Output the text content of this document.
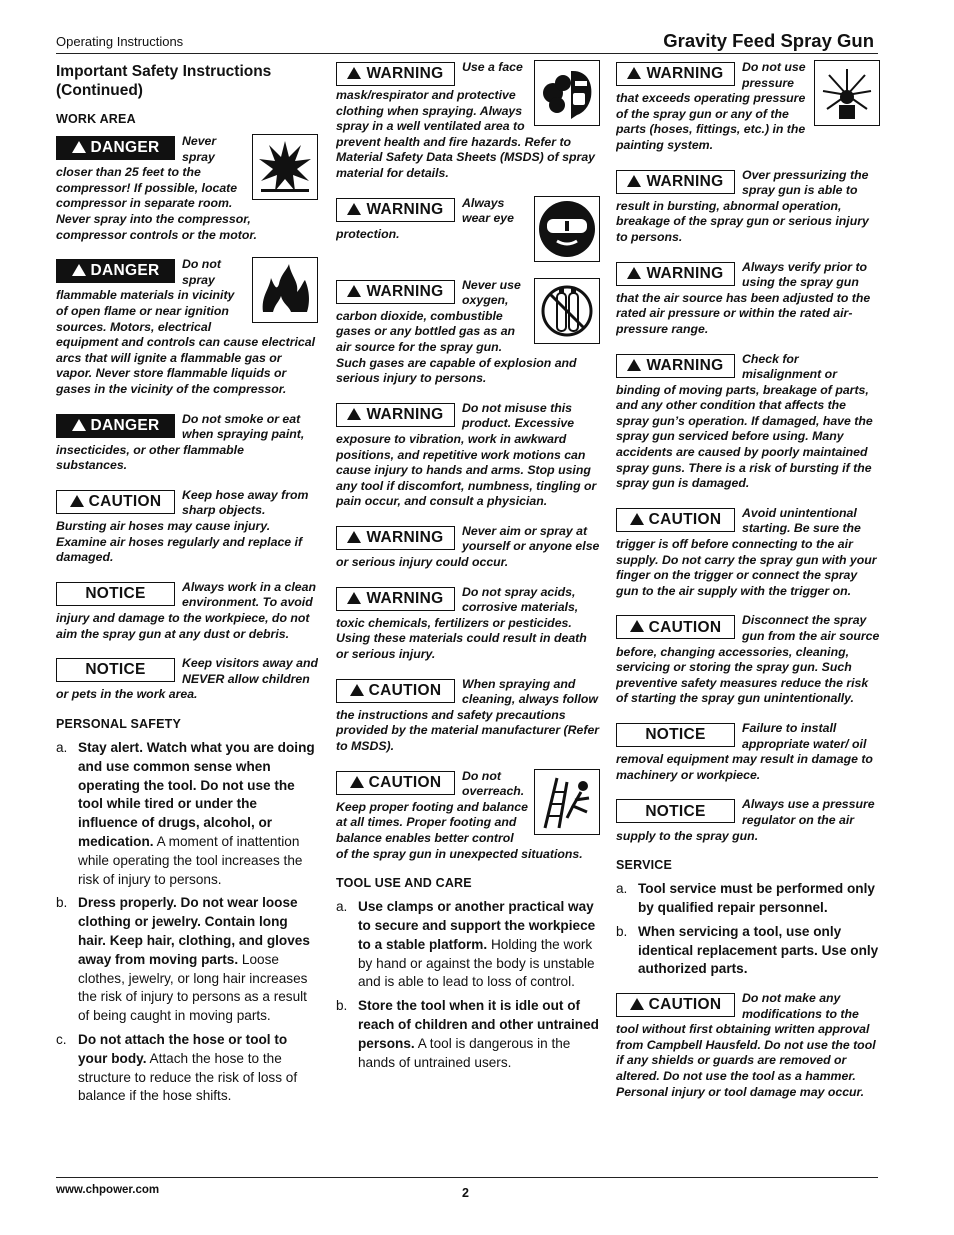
Operating Instructions	Gravity Feed Spray Gun
Important Safety Instructions (Continued)
WORK AREA
DANGER Never spray closer than 25 feet to the compressor! If possible, locate compressor in separate room. Never spray into the compressor, compressor controls or the motor.
DANGER Do not spray flammable materials in vicinity of open flame or near ignition sources. Motors, electrical equipment and controls can cause electrical arcs that will ignite a flammable gas or vapor. Never store flammable liquids or gases in the vicinity of the compressor.
DANGER Do not smoke or eat when spraying paint, insecticides, or other flammable substances.
CAUTION Keep hose away from sharp objects. Bursting air hoses may cause injury. Examine air hoses regularly and replace if damaged.
NOTICE	Always work in a clean environment. To avoid injury and damage to the workpiece, do not aim the spray gun at any dust or debris.
NOTICE	Keep visitors away and NEVER allow children or pets in the work area.
PERSONAL SAFETY
a. Stay alert. Watch what you are doing and use common sense when operating the tool. Do not use the tool while tired or under the influence of drugs, alcohol, or medication. A moment of inattention while operating the tool increases the risk of injury to persons.
b. Dress properly. Do not wear loose clothing or jewelry. Contain long hair. Keep hair, clothing, and gloves away from moving parts. Loose clothes, jewelry, or long hair increases the risk of injury to persons as a result of being caught in moving parts.
c. Do not attach the hose or tool to your body. Attach the hose to the structure to reduce the risk of loss of balance if the hose shifts.
WARNING Use a face mask/respirator and protective clothing when spraying. Always spray in a well ventilated area to prevent health and fire hazards. Refer to Material Safety Data Sheets (MSDS) of spray material for details.
WARNING Always wear eye protection.
WARNING Never use oxygen, carbon dioxide, combustible gases or any bottled gas as an air source for the spray gun. Such gases are capable of explosion and serious injury to persons.
WARNING Do not misuse this product. Excessive exposure to vibration, work in awkward positions, and repetitive work motions can cause injury to hands and arms. Stop using any tool if discomfort, numbness, tingling or pain occur, and consult a physician.
WARNING Never aim or spray at yourself or anyone else or serious injury could occur.
WARNING Do not spray acids, corrosive materials, toxic chemicals, fertilizers or pesticides. Using these materials could result in death or serious injury.
CAUTION When spraying and cleaning, always follow the instructions and safety precautions provided by the material manufacturer (Refer to MSDS).
CAUTION Do not overreach. Keep proper footing and balance at all times. Proper footing and balance enables better control of the spray gun in unexpected situations.
TOOL USE AND CARE
a. Use clamps or another practical way to secure and support the workpiece to a stable platform. Holding the work by hand or against the body is unstable and is able to lead to loss of control.
b. Store the tool when it is idle out of reach of children and other untrained persons. A tool is dangerous in the hands of untrained users.
WARNING Do not use pressure that exceeds operating pressure of the spray gun or any of the parts (hoses, fittings, etc.) in the painting system.
WARNING Over pressurizing the spray gun is able to result in bursting, abnormal operation, breakage of the spray gun or serious injury to persons.
WARNING Always verify prior to using the spray gun that the air source has been adjusted to the rated air pressure or within the rated air-pressure range.
WARNING Check for misalignment or binding of moving parts, breakage of parts, and any other condition that affects the spray gun’s operation. If damaged, have the spray gun serviced before using. Many accidents are caused by poorly maintained spray guns. There is a risk of bursting if the spray gun is damaged.
CAUTION Avoid unintentional starting. Be sure the trigger is off before connecting to the air supply. Do not carry the spray gun with your finger on the trigger or connect the spray gun to the air supply with the trigger on.
CAUTION Disconnect the spray gun from the air source before, changing accessories, cleaning, servicing or storing the spray gun. Such preventive safety measures reduce the risk of starting the spray gun unintentionally.
NOTICE	Failure to install appropriate water/ oil removal equipment may result in damage to machinery or workpiece.
NOTICE	Always use a pressure regulator on the air supply to the spray gun.
SERVICE
a. Tool service must be performed only by qualified repair personnel.
b. When servicing a tool, use only identical replacement parts. Use only authorized parts.
CAUTION Do not make any modifications to the tool without first obtaining written approval from Campbell Hausfeld. Do not use the tool if any shields or guards are removed or altered. Do not use the tool as a hammer. Personal injury or tool damage may occur.
www.chpower.com	2
